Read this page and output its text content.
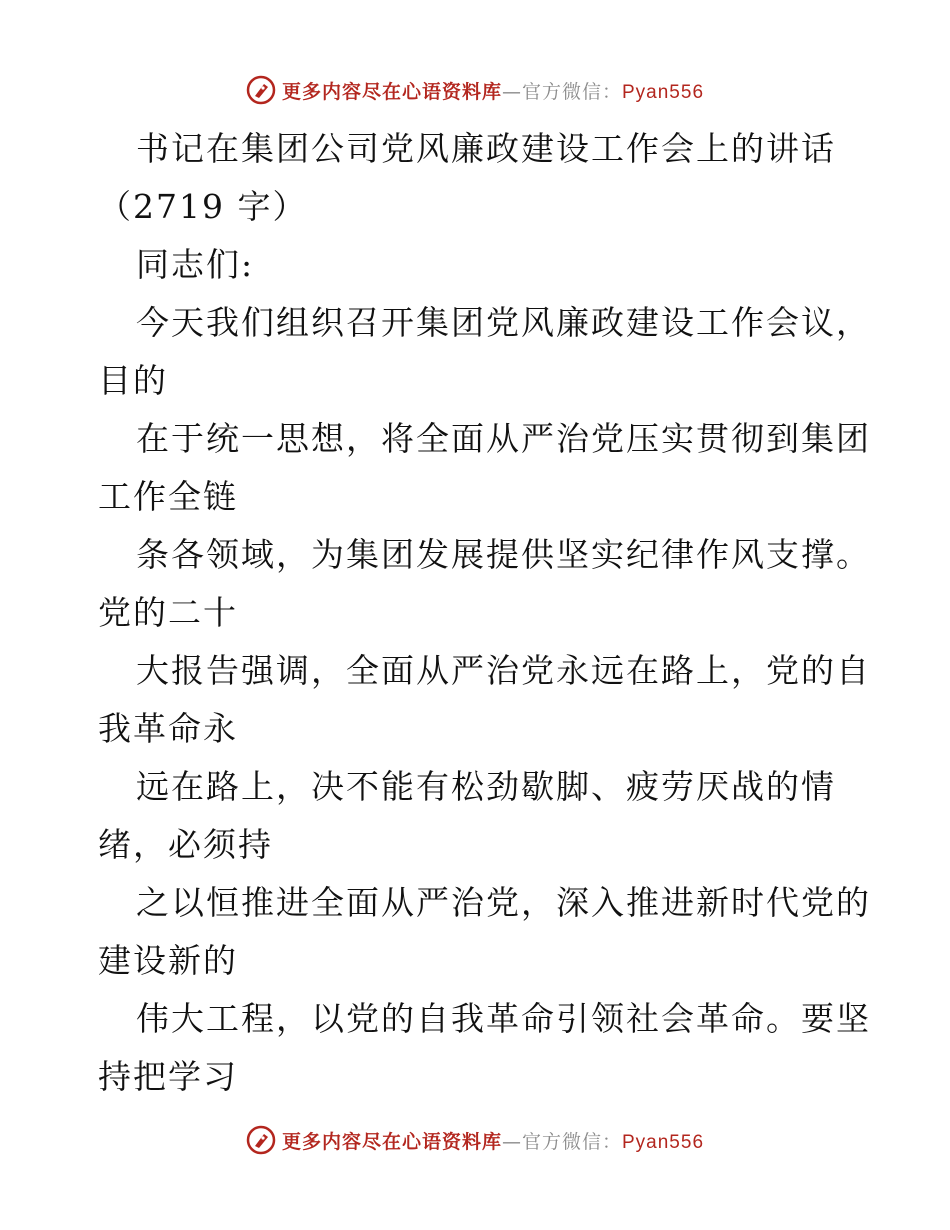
更多内容尽在心语资料库—官方微信：Pyan556
书记在集团公司党风廉政建设工作会上的讲话
（2719 字）
同志们:
今天我们组织召开集团党风廉政建设工作会议，
目的
在于统一思想，将全面从严治党压实贯彻到集团
工作全链
条各领域，为集团发展提供坚实纪律作风支撑。
党的二十
大报告强调，全面从严治党永远在路上，党的自
我革命永
远在路上，决不能有松劲歇脚、疲劳厌战的情
绪，必须持
之以恒推进全面从严治党，深入推进新时代党的
建设新的
伟大工程，以党的自我革命引领社会革命。要坚
持把学习
更多内容尽在心语资料库—官方微信：Pyan556
